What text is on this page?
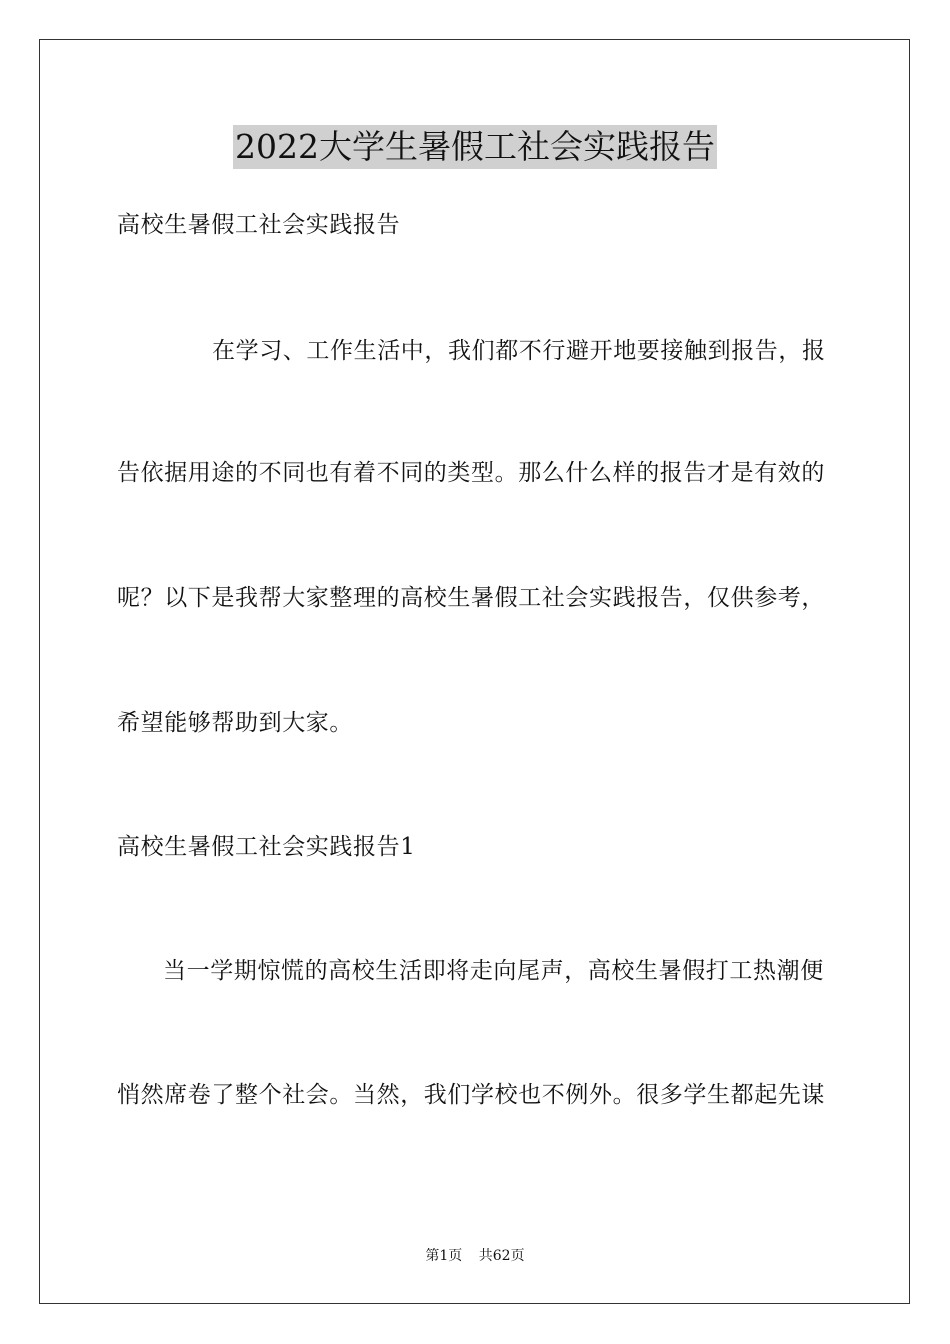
2022大学生暑假工社会实践报告
高校生暑假工社会实践报告
在学习、工作生活中，我们都不行避开地要接触到报告，报
告依据用途的不同也有着不同的类型。那么什么样的报告才是有效的
呢？以下是我帮大家整理的高校生暑假工社会实践报告，仅供参考，
希望能够帮助到大家。
高校生暑假工社会实践报告1
当一学期惊慌的高校生活即将走向尾声，高校生暑假打工热潮便
悄然席卷了整个社会。当然，我们学校也不例外。很多学生都起先谋
第1页 共62页
